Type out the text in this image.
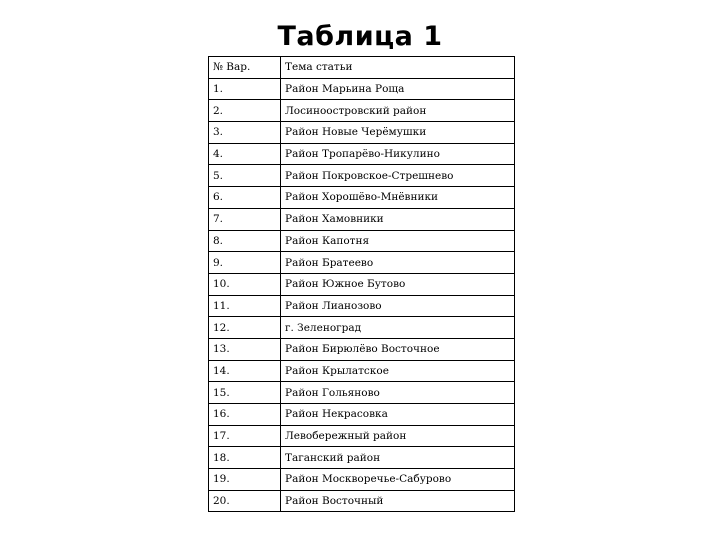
Таблица 1
№ Вар.	Тема статьи
1.	Район Марьина Роща
2.	Лосиноостровский район
3.	Район Новые Черёмушки
4.	Район Тропарёво-Никулино
5.	Район Покровское-Стрешнево
6.	Район Хорошёво-Мнёвники
7.	Район Хамовники
8.	Район Капотня
9.	Район Братеево
10.	Район Южное Бутово
11.	Район Лианозово
12.	г. Зеленоград
13.	Район Бирюлёво Восточное
14.	Район Крылатское
15.	Район Гольяново
16.	Район Некрасовка
17.	Левобережный район
18.	Таганский район
19.	Район Москворечье-Сабурово
20.	Район Восточный
